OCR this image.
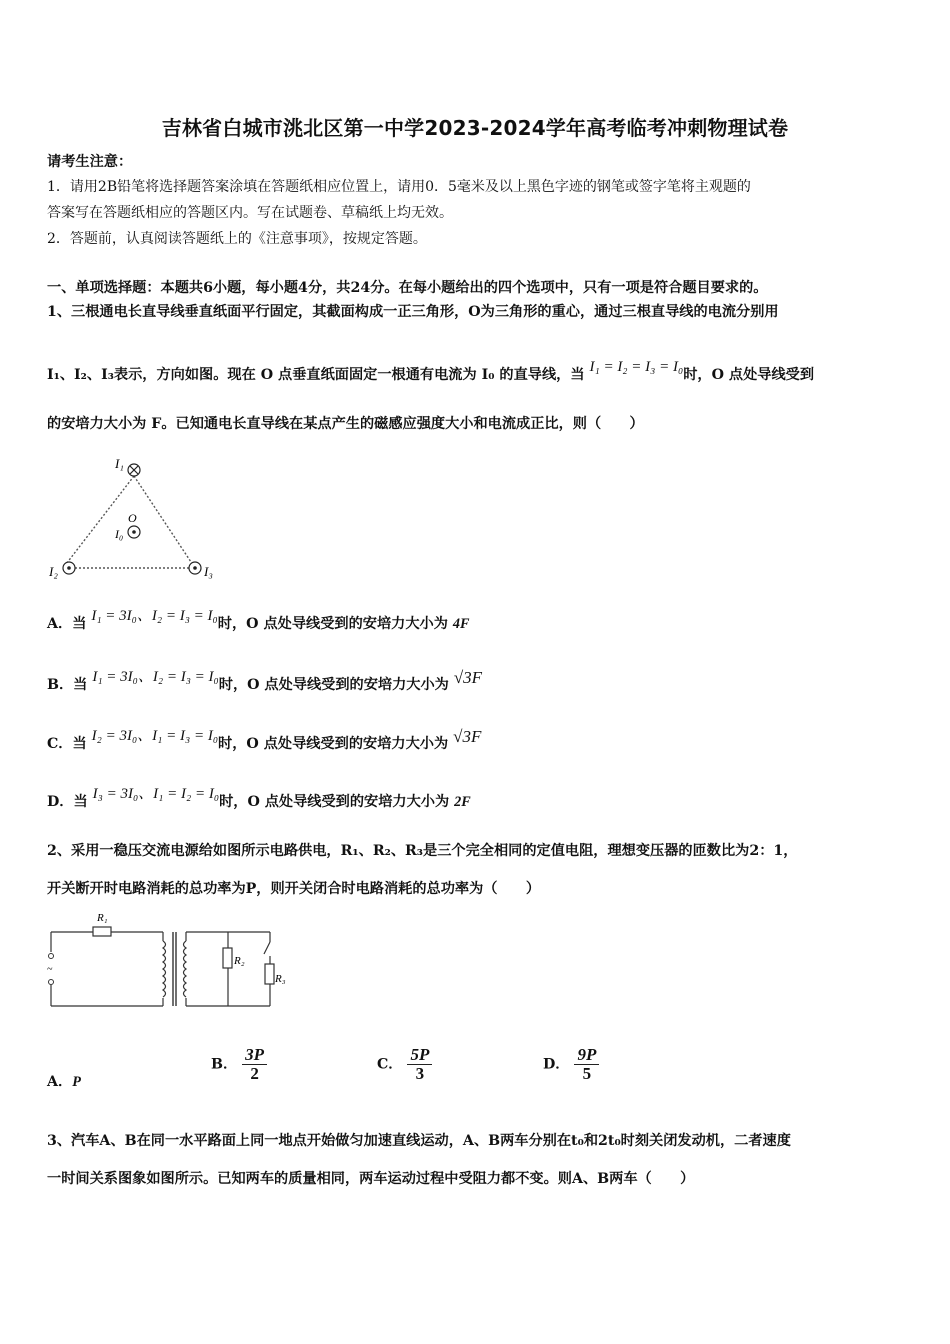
吉林省白城市洮北区第一中学2023-2024学年高考临考冲刺物理试卷
请考生注意：
1．请用2B铅笔将选择题答案涂填在答题纸相应位置上，请用0．5毫米及以上黑色字迹的钢笔或签字笔将主观题的
答案写在答题纸相应的答题区内。写在试题卷、草稿纸上均无效。
2．答题前，认真阅读答题纸上的《注意事项》，按规定答题。
一、单项选择题：本题共6小题，每小题4分，共24分。在每小题给出的四个选项中，只有一项是符合题目要求的。
1、三根通电长直导线垂直纸面平行固定，其截面构成一正三角形，O为三角形的重心，通过三根直导线的电流分别用
I₁、I₂、I₃表示，方向如图。现在 O 点垂直纸面固定一根通有电流为 I₀ 的直导线，当 I₁ = I₂ = I₃ = I₀时，O 点处导线受到
的安培力大小为 F。已知通电长直导线在某点产生的磁感应强度大小和电流成正比，则（　　）
I₁
O
I₀
I₂	I₃
A．当 I₁ = 3I₀、I₂ = I₃ = I₀时，O 点处导线受到的安培力大小为 4F
B．当 I₁ = 3I₀、I₂ = I₃ = I₀时，O 点处导线受到的安培力大小为 √3F
C．当 I₂ = 3I₀、I₁ = I₃ = I₀时，O 点处导线受到的安培力大小为 √3F
D．当 I₃ = 3I₀、I₁ = I₂ = I₀时，O 点处导线受到的安培力大小为 2F
2、采用一稳压交流电源给如图所示电路供电，R₁、R₂、R₃是三个完全相同的定值电阻，理想变压器的匝数比为2：1，
开关断开时电路消耗的总功率为P，则开关闭合时电路消耗的总功率为（　　）
~
R₂
R₃
R₁
A．P
B． $\frac{3P}{2}$	C． $\frac{5P}{3}$	D． $\frac{9P}{5}$
3、汽车A、B在同一水平路面上同一地点开始做匀加速直线运动，A、B两车分别在t₀和2t₀时刻关闭发动机，二者速度
一时间关系图象如图所示。已知两车的质量相同，两车运动过程中受阻力都不变。则A、B两车（　　）
